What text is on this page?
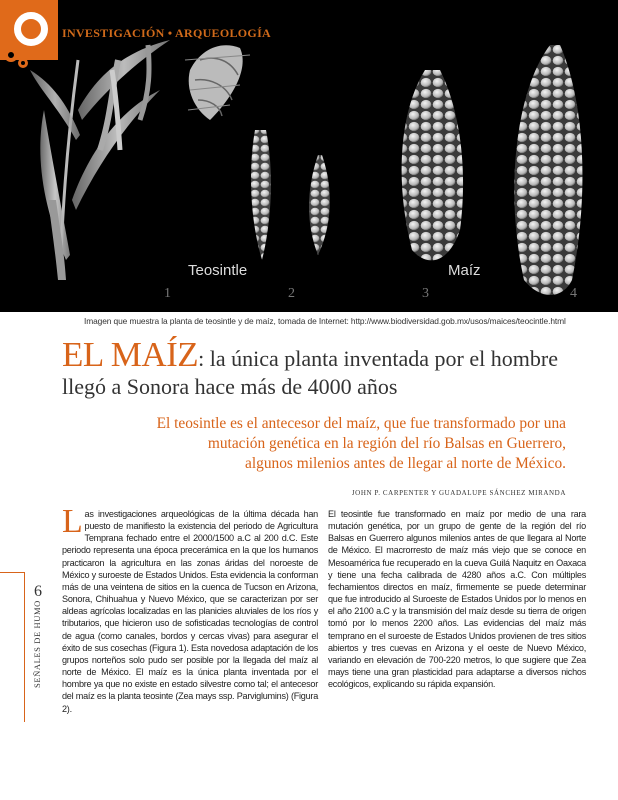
INVESTIGACIÓN • ARQUEOLOGÍA
Teosintle	Maíz
1	2	3	4
Imagen que muestra la planta de teosintle y de maíz, tomada de Internet: http://www.biodiversidad.gob.mx/usos/maices/teocintle.html
EL MAÍZ: la única planta inventada por el hombre
llegó a Sonora hace más de 4000 años
El teosintle es el antecesor del maíz, que fue transformado por una
mutación genética en la región del río Balsas en Guerrero,
algunos milenios antes de llegar al norte de México.
JOHN P. CARPENTER Y GUADALUPE SÁNCHEZ MIRANDA
6
SEÑALES DE HUMO
Las investigaciones arqueológicas de la última década han puesto de manifiesto la existencia del periodo de Agricultura Temprana fechado entre el 2000/1500 a.C al 200 d.C. Este periodo representa una época precerámica en la que los humanos practicaron la agricultura en las zonas áridas del noroeste de México y suroeste de Estados Unidos. Esta evidencia la conforman más de una veintena de sitios en la cuenca de Tucson en Arizona, Sonora, Chihuahua y Nuevo México, que se caracterizan por ser aldeas agrícolas localizadas en las planicies aluviales de los ríos y tributarios, que hicieron uso de sofisticadas tecnologías de control de agua (como canales, bordos y cercas vivas) para asegurar el éxito de sus cosechas (Figura 1). Esta novedosa adaptación de los grupos norteños solo pudo ser posible por la llegada del maíz al norte de México. El maíz es la única planta inventada por el hombre ya que no existe en estado silvestre como tal; el antecesor del maíz es la planta teosinte (Zea mays ssp. Parviglumins) (Figura 2).
El teosintle fue transformado en maíz por medio de una rara mutación genética, por un grupo de gente de la región del río Balsas en Guerrero algunos milenios antes de que llegara al Norte de México. El macrorresto de maíz más viejo que se conoce en Mesoamérica fue recuperado en la cueva Guilá Naquitz en Oaxaca y tiene una fecha calibrada de 4280 años a.C. Con múltiples fechamientos directos en maíz, firmemente se puede determinar que fue introducido al Suroeste de Estados Unidos por lo menos en el año 2100 a.C y la transmisión del maíz desde su tierra de origen tomó por lo menos 2200 años. Las evidencias del maíz más temprano en el suroeste de Estados Unidos provienen de tres sitios abiertos y tres cuevas en Arizona y el oeste de Nuevo México, variando en elevación de 700-220 metros, lo que sugiere que Zea mays tiene una gran plasticidad para adaptarse a diversos nichos ecológicos, explicando su rápida expansión.
